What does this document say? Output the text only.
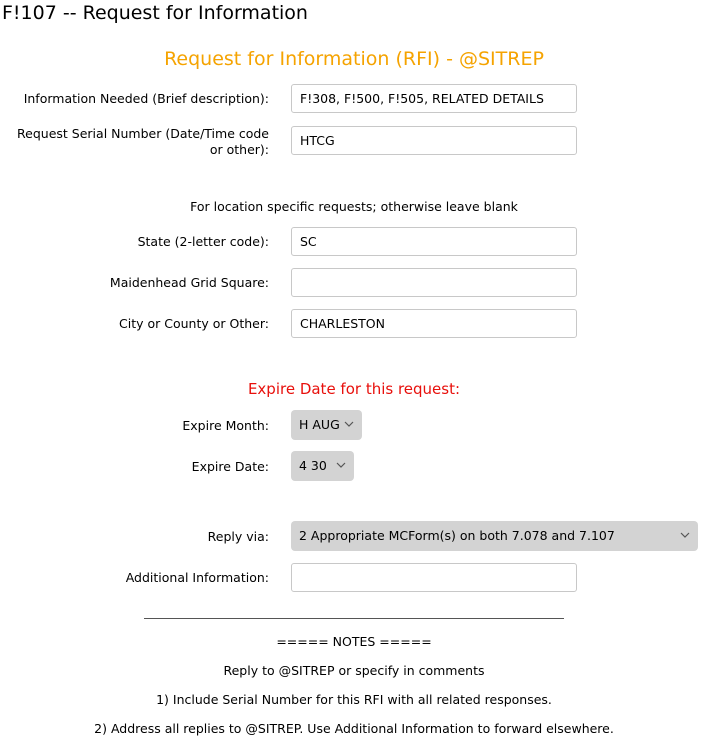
F!107 -- Request for Information
Request for Information (RFI) - @SITREP
Information Needed (Brief description):	F!308, F!500, F!505, RELATED DETAILS
Request Serial Number (Date/Time code or other):
HTCG
For location specific requests; otherwise leave blank
State (2-letter code):	SC
Maidenhead Grid Square:
City or County or Other:	CHARLESTON
Expire Date for this request:
Expire Month:	H AUG
Expire Date:	4 30
Reply via:	2 Appropriate MCForm(s) on both 7.078 and 7.107
Additional Information:
===== NOTES =====
Reply to @SITREP or specify in comments
1) Include Serial Number for this RFI with all related responses.
2) Address all replies to @SITREP. Use Additional Information to forward elsewhere.
